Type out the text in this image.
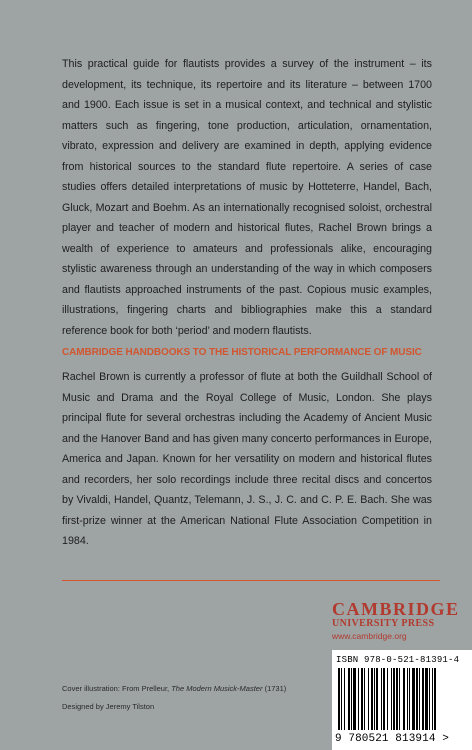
This practical guide for flautists provides a survey of the instrument – its development, its technique, its repertoire and its literature – between 1700 and 1900. Each issue is set in a musical context, and technical and stylistic matters such as fingering, tone production, articulation, ornamentation, vibrato, expression and delivery are examined in depth, applying evidence from historical sources to the standard flute repertoire. A series of case studies offers detailed interpretations of music by Hotteterre, Handel, Bach, Gluck, Mozart and Boehm. As an internationally recognised soloist, orchestral player and teacher of modern and historical flutes, Rachel Brown brings a wealth of experience to amateurs and professionals alike, encouraging stylistic awareness through an understanding of the way in which composers and flautists approached instruments of the past. Copious music examples, illustrations, fingering charts and bibliographies make this a standard reference book for both ‘period’ and modern flautists.

CAMBRIDGE HANDBOOKS TO THE HISTORICAL PERFORMANCE OF MUSIC

Rachel Brown is currently a professor of flute at both the Guildhall School of Music and Drama and the Royal College of Music, London. She plays principal flute for several orchestras including the Academy of Ancient Music and the Hanover Band and has given many concerto performances in Europe, America and Japan. Known for her versatility on modern and historical flutes and recorders, her solo recordings include three recital discs and concertos by Vivaldi, Handel, Quantz, Telemann, J. S., J. C. and C. P. E. Bach. She was first-prize winner at the American National Flute Association Competition in 1984.

CAMBRIDGE
UNIVERSITY PRESS
www.cambridge.org
Cover illustration: From Prelleur, The Modern Musick-Master (1731)
Designed by Jeremy Tilston
ISBN 978-0-521-81391-4
9 780521 813914 >
